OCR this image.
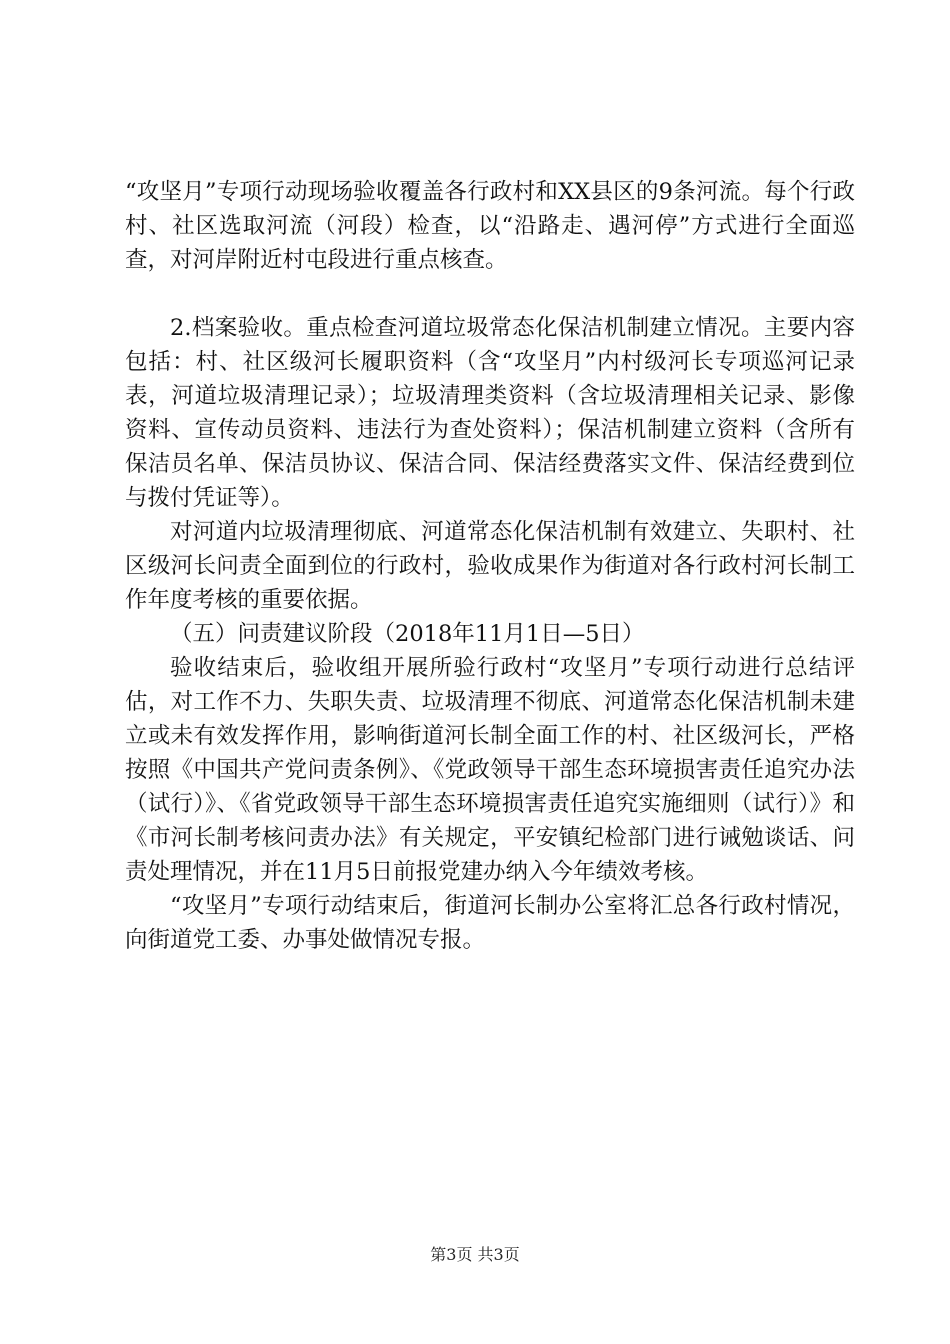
“攻坚月”专项行动现场验收覆盖各行政村和XX县区的9条河流。每个行政村、社区选取河流（河段）检查，以“沿路走、遇河停”方式进行全面巡查，对河岸附近村屯段进行重点核查。

2.档案验收。重点检查河道垃圾常态化保洁机制建立情况。主要内容包括：村、社区级河长履职资料（含“攻坚月”内村级河长专项巡河记录表，河道垃圾清理记录）；垃圾清理类资料（含垃圾清理相关记录、影像资料、宣传动员资料、违法行为查处资料）；保洁机制建立资料（含所有保洁员名单、保洁员协议、保洁合同、保洁经费落实文件、保洁经费到位与拨付凭证等）。

对河道内垃圾清理彻底、河道常态化保洁机制有效建立、失职村、社区级河长问责全面到位的行政村，验收成果作为街道对各行政村河长制工作年度考核的重要依据。

（五）问责建议阶段（2018年11月1日—5日）

验收结束后，验收组开展所验行政村“攻坚月”专项行动进行总结评估，对工作不力、失职失责、垃圾清理不彻底、河道常态化保洁机制未建立或未有效发挥作用，影响街道河长制全面工作的村、社区级河长，严格按照《中国共产党问责条例》、《党政领导干部生态环境损害责任追究办法（试行）》、《省党政领导干部生态环境损害责任追究实施细则（试行）》和《市河长制考核问责办法》有关规定，平安镇纪检部门进行诫勉谈话、问责处理情况，并在11月5日前报党建办纳入今年绩效考核。

“攻坚月”专项行动结束后，街道河长制办公室将汇总各行政村情况，向街道党工委、办事处做情况专报。

第3页 共3页
